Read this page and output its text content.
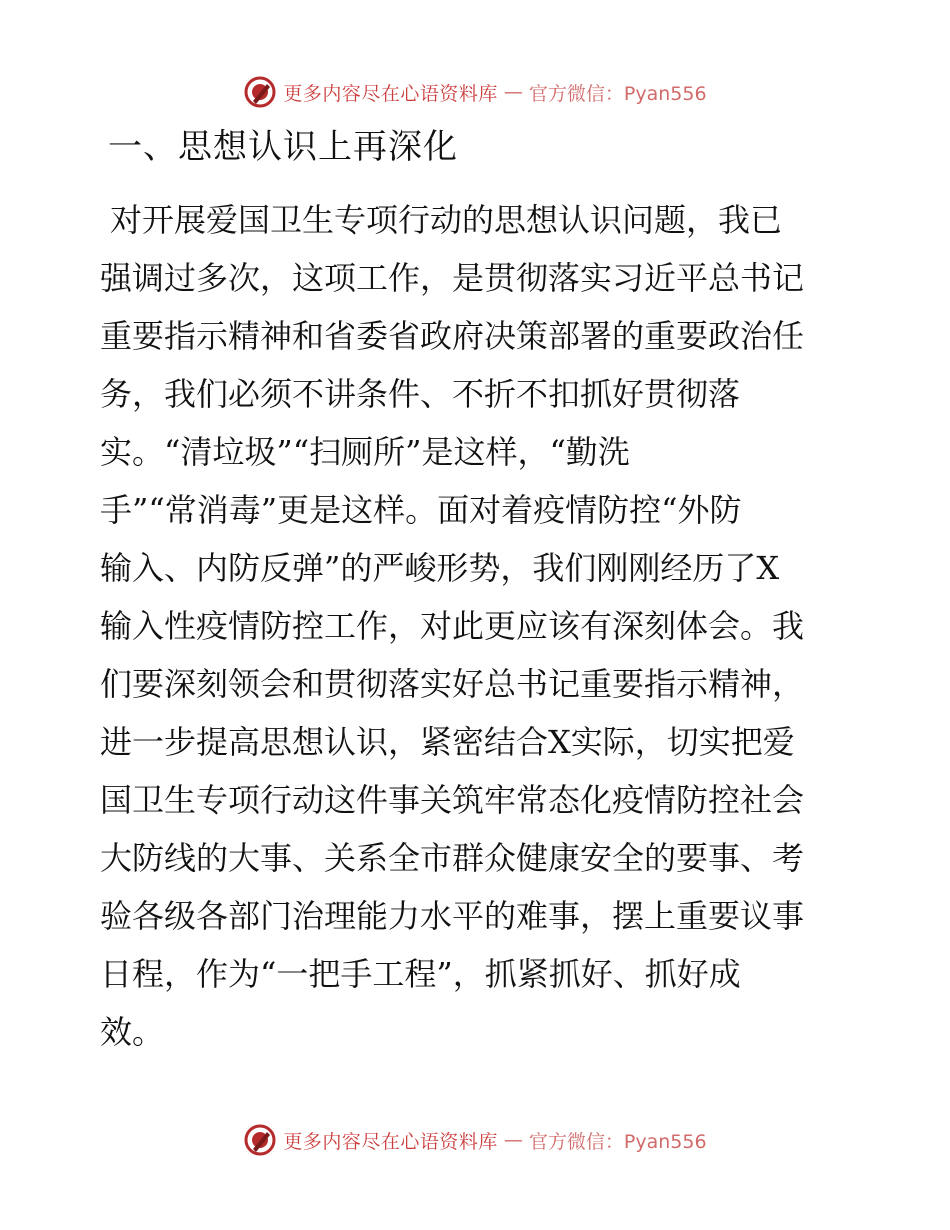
更多内容尽在心语资料库 — 官方微信：Pyan556
一、思想认识上再深化
对开展爱国卫生专项行动的思想认识问题，我已
强调过多次，这项工作，是贯彻落实习近平总书记
重要指示精神和省委省政府决策部署的重要政治任
务，我们必须不讲条件、不折不扣抓好贯彻落
实。“清垃圾”“扫厕所”是这样，“勤洗
手”“常消毒”更是这样。面对着疫情防控“外防
输入、内防反弹”的严峻形势，我们刚刚经历了X
输入性疫情防控工作，对此更应该有深刻体会。我
们要深刻领会和贯彻落实好总书记重要指示精神，
进一步提高思想认识，紧密结合X实际，切实把爱
国卫生专项行动这件事关筑牢常态化疫情防控社会
大防线的大事、关系全市群众健康安全的要事、考
验各级各部门治理能力水平的难事，摆上重要议事
日程，作为“一把手工程”，抓紧抓好、抓好成
效。
更多内容尽在心语资料库 — 官方微信：Pyan556
